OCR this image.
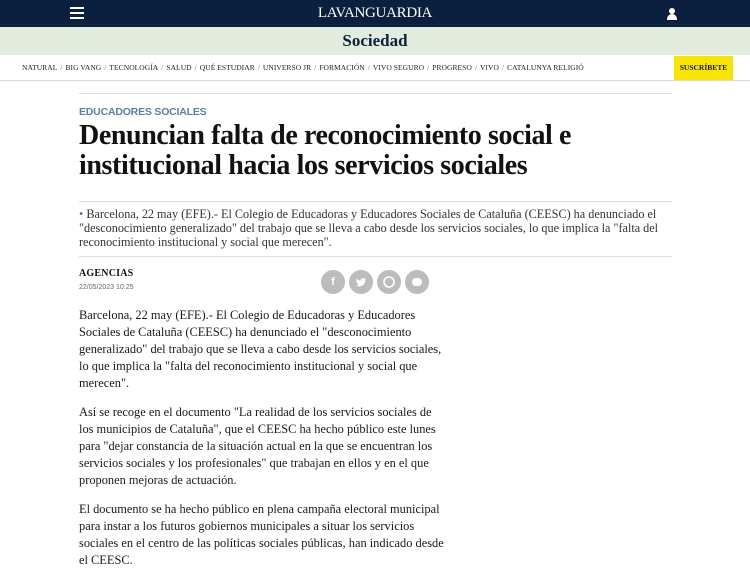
LAVANGUARDIA
Sociedad
NATURAL / BIG VANG / TECNOLOGÍA / SALUD / QUÉ ESTUDIAR / UNIVERSO JR / FORMACIÓN / VIVO SEGURO / PROGRESO / VIVO / CATALUNYA RELIGIÓ	SUSCRÍBETE
EDUCADORES SOCIALES
Denuncian falta de reconocimiento social e institucional hacia los servicios sociales
• Barcelona, 22 may (EFE).- El Colegio de Educadoras y Educadores Sociales de Cataluña (CEESC) ha denunciado el "desconocimiento generalizado" del trabajo que se lleva a cabo desde los servicios sociales, lo que implica la "falta del reconocimiento institucional y social que merecen".
AGENCIAS
22/05/2023 10:25	f

Barcelona, 22 may (EFE).- El Colegio de Educadoras y Educadores Sociales de Cataluña (CEESC) ha denunciado el "desconocimiento generalizado" del trabajo que se lleva a cabo desde los servicios sociales, lo que implica la "falta del reconocimiento institucional y social que merecen".

Así se recoge en el documento "La realidad de los servicios sociales de los municipios de Cataluña", que el CEESC ha hecho público este lunes para "dejar constancia de la situación actual en la que se encuentran los servicios sociales y los profesionales" que trabajan en ellos y en el que proponen mejoras de actuación.

El documento se ha hecho público en plena campaña electoral municipal para instar a los futuros gobiernos municipales a situar los servicios sociales en el centro de las políticas sociales públicas, han indicado desde el CEESC.
